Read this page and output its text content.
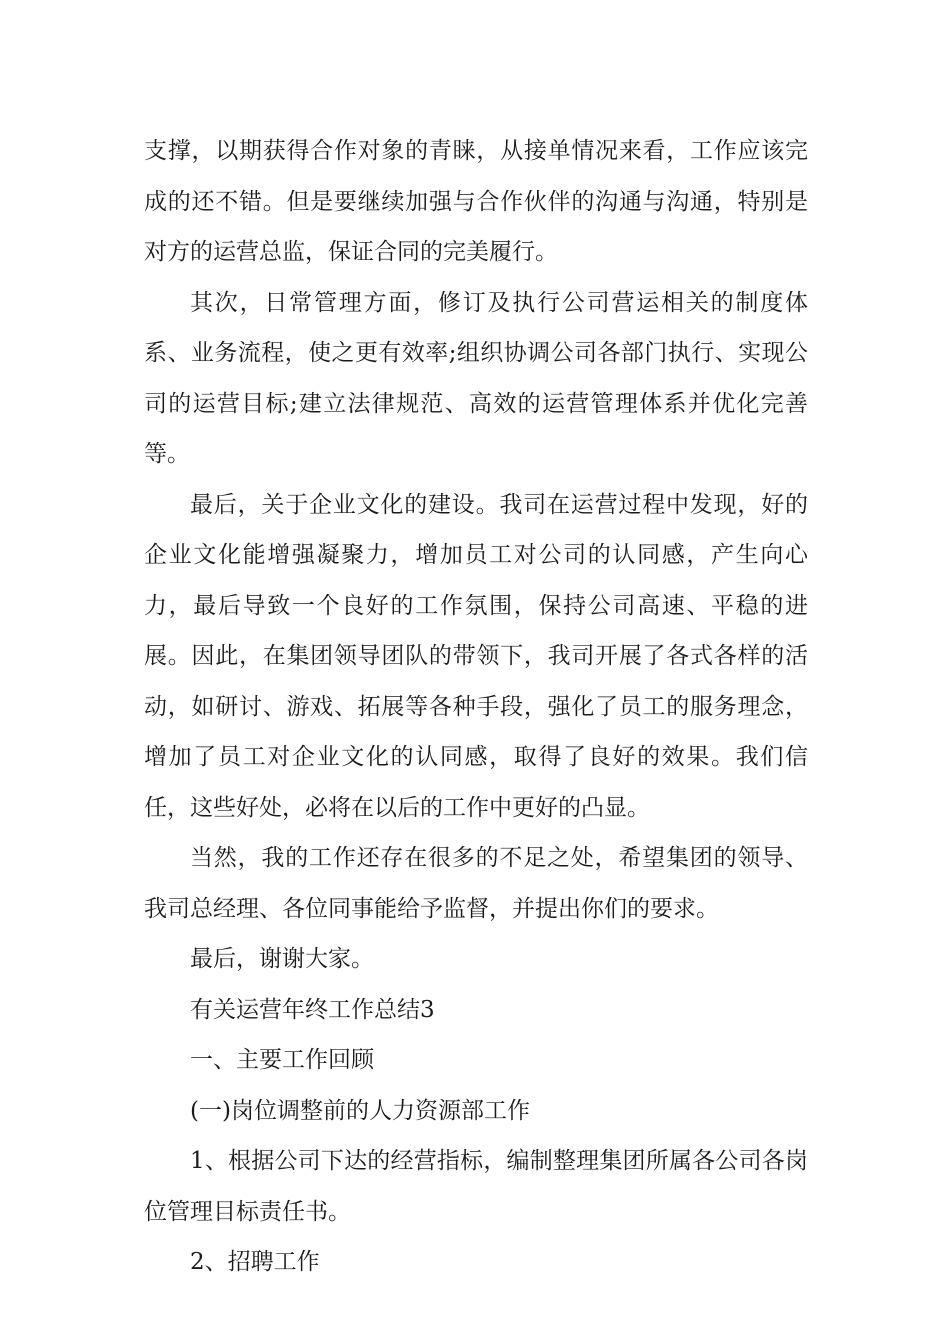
支撑，以期获得合作对象的青睐，从接单情况来看，工作应该完成的还不错。但是要继续加强与合作伙伴的沟通与沟通，特别是对方的运营总监，保证合同的完美履行。

其次，日常管理方面，修订及执行公司营运相关的制度体系、业务流程，使之更有效率;组织协调公司各部门执行、实现公司的运营目标;建立法律规范、高效的运营管理体系并优化完善等。

最后，关于企业文化的建设。我司在运营过程中发现，好的企业文化能增强凝聚力，增加员工对公司的认同感，产生向心力，最后导致一个良好的工作氛围，保持公司高速、平稳的进展。因此，在集团领导团队的带领下，我司开展了各式各样的活动，如研讨、游戏、拓展等各种手段，强化了员工的服务理念，增加了员工对企业文化的认同感，取得了良好的效果。我们信任，这些好处，必将在以后的工作中更好的凸显。

当然，我的工作还存在很多的不足之处，希望集团的领导、我司总经理、各位同事能给予监督，并提出你们的要求。

最后，谢谢大家。

有关运营年终工作总结3

一、主要工作回顾

(一)岗位调整前的人力资源部工作

1、根据公司下达的经营指标，编制整理集团所属各公司各岗位管理目标责任书。

2、招聘工作
